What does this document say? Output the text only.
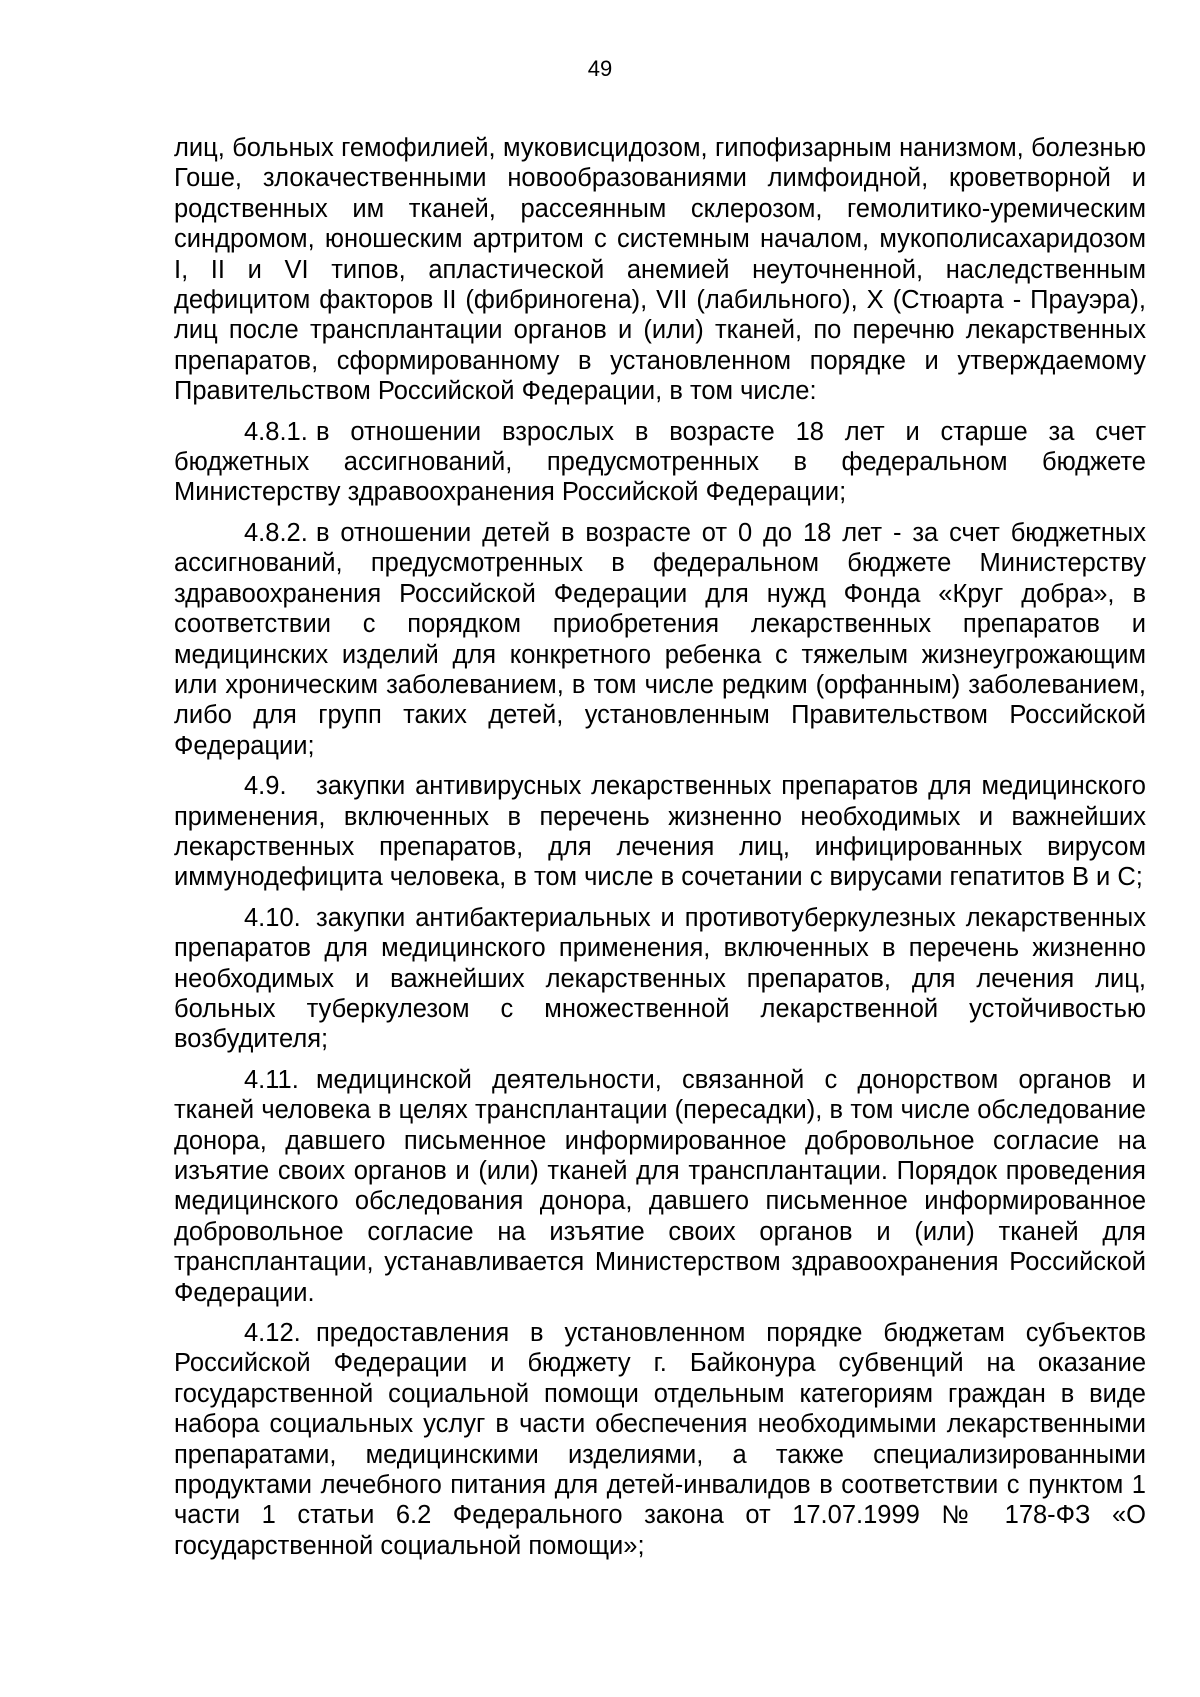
49

лиц, больных гемофилией, муковисцидозом, гипофизарным нанизмом, болезнью Гоше, злокачественными новообразованиями лимфоидной, кроветворной и родственных им тканей, рассеянным склерозом, гемолитико-уремическим синдромом, юношеским артритом с системным началом, мукополисахаридозом I, II и VI типов, апластической анемией неуточненной, наследственным дефицитом факторов II (фибриногена), VII (лабильного), X (Стюарта - Прауэра), лиц после трансплантации органов и (или) тканей, по перечню лекарственных препаратов, сформированному в установленном порядке и утверждаемому Правительством Российской Федерации, в том числе:

4.8.1. в отношении взрослых в возрасте 18 лет и старше за счет бюджетных ассигнований, предусмотренных в федеральном бюджете Министерству здравоохранения Российской Федерации;

4.8.2. в отношении детей в возрасте от 0 до 18 лет - за счет бюджетных ассигнований, предусмотренных в федеральном бюджете Министерству здравоохранения Российской Федерации для нужд Фонда «Круг добра», в соответствии с порядком приобретения лекарственных препаратов и медицинских изделий для конкретного ребенка с тяжелым жизнеугрожающим или хроническим заболеванием, в том числе редким (орфанным) заболеванием, либо для групп таких детей, установленным Правительством Российской Федерации;

4.9. закупки антивирусных лекарственных препаратов для медицинского применения, включенных в перечень жизненно необходимых и важнейших лекарственных препаратов, для лечения лиц, инфицированных вирусом иммунодефицита человека, в том числе в сочетании с вирусами гепатитов B и C;

4.10. закупки антибактериальных и противотуберкулезных лекарственных препаратов для медицинского применения, включенных в перечень жизненно необходимых и важнейших лекарственных препаратов, для лечения лиц, больных туберкулезом с множественной лекарственной устойчивостью возбудителя;

4.11. медицинской деятельности, связанной с донорством органов и тканей человека в целях трансплантации (пересадки), в том числе обследование донора, давшего письменное информированное добровольное согласие на изъятие своих органов и (или) тканей для трансплантации. Порядок проведения медицинского обследования донора, давшего письменное информированное добровольное согласие на изъятие своих органов и (или) тканей для трансплантации, устанавливается Министерством здравоохранения Российской Федерации.

4.12. предоставления в установленном порядке бюджетам субъектов Российской Федерации и бюджету г. Байконура субвенций на оказание государственной социальной помощи отдельным категориям граждан в виде набора социальных услуг в части обеспечения необходимыми лекарственными препаратами, медицинскими изделиями, а также специализированными продуктами лечебного питания для детей-инвалидов в соответствии с пунктом 1 части 1 статьи 6.2 Федерального закона от 17.07.1999 № 178-ФЗ «О государственной социальной помощи»;
